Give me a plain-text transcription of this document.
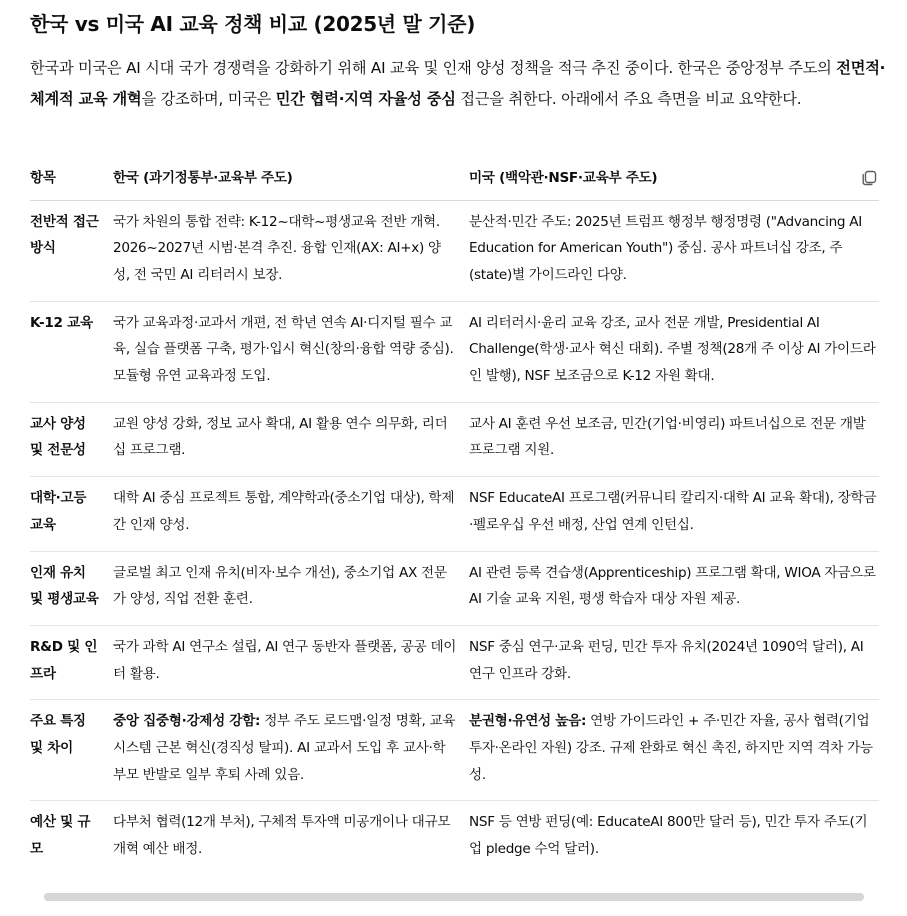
한국 vs 미국 AI 교육 정책 비교 (2025년 말 기준)

한국과 미국은 AI 시대 국가 경쟁력을 강화하기 위해 AI 교육 및 인재 양성 정책을 적극 추진 중이다. 한국은 중앙정부 주도의 전면적·체계적 교육 개혁을 강조하며, 미국은 민간 협력·지역 자율성 중심 접근을 취한다. 아래에서 주요 측면을 비교 요약한다.

항목	한국 (과기정통부·교육부 주도)	미국 (백악관·NSF·교육부 주도)
전반적 접근 방식	국가 차원의 통합 전략: K-12~대학~평생교육 전반 개혁. 2026~2027년 시범·본격 추진. 융합 인재(AX: AI+x) 양성, 전 국민 AI 리터러시 보장.	분산적·민간 주도: 2025년 트럼프 행정부 행정명령 ("Advancing AI Education for American Youth") 중심. 공사 파트너십 강조, 주(state)별 가이드라인 다양.
K-12 교육	국가 교육과정·교과서 개편, 전 학년 연속 AI·디지털 필수 교육, 실습 플랫폼 구축, 평가·입시 혁신(창의·융합 역량 중심). 모듈형 유연 교육과정 도입.	AI 리터러시·윤리 교육 강조, 교사 전문 개발, Presidential AI Challenge(학생·교사 혁신 대회). 주별 정책(28개 주 이상 AI 가이드라인 발행), NSF 보조금으로 K-12 자원 확대.
교사 양성 및 전문성	교원 양성 강화, 정보 교사 확대, AI 활용 연수 의무화, 리더십 프로그램.	교사 AI 훈련 우선 보조금, 민간(기업·비영리) 파트너십으로 전문 개발 프로그램 지원.
대학·고등교육	대학 AI 중심 프로젝트 통합, 계약학과(중소기업 대상), 학제간 인재 양성.	NSF EducateAI 프로그램(커뮤니티 칼리지·대학 AI 교육 확대), 장학금·펠로우십 우선 배정, 산업 연계 인턴십.
인재 유치 및 평생교육	글로벌 최고 인재 유치(비자·보수 개선), 중소기업 AX 전문가 양성, 직업 전환 훈련.	AI 관련 등록 견습생(Apprenticeship) 프로그램 확대, WIOA 자금으로 AI 기술 교육 지원, 평생 학습자 대상 자원 제공.
R&D 및 인프라	국가 과학 AI 연구소 설립, AI 연구 동반자 플랫폼, 공공 데이터 활용.	NSF 중심 연구·교육 펀딩, 민간 투자 유치(2024년 1090억 달러), AI 연구 인프라 강화.
주요 특징 및 차이	중앙 집중형·강제성 강함: 정부 주도 로드맵·일정 명확, 교육 시스템 근본 혁신(경직성 탈피). AI 교과서 도입 후 교사·학부모 반발로 일부 후퇴 사례 있음.	분권형·유연성 높음: 연방 가이드라인 + 주·민간 자율, 공사 협력(기업 투자·온라인 자원) 강조. 규제 완화로 혁신 촉진, 하지만 지역 격차 가능성.
예산 및 규모	다부처 협력(12개 부처), 구체적 투자액 미공개이나 대규모 개혁 예산 배정.	NSF 등 연방 펀딩(예: EducateAI 800만 달러 등), 민간 투자 주도(기업 pledge 수억 달러).
